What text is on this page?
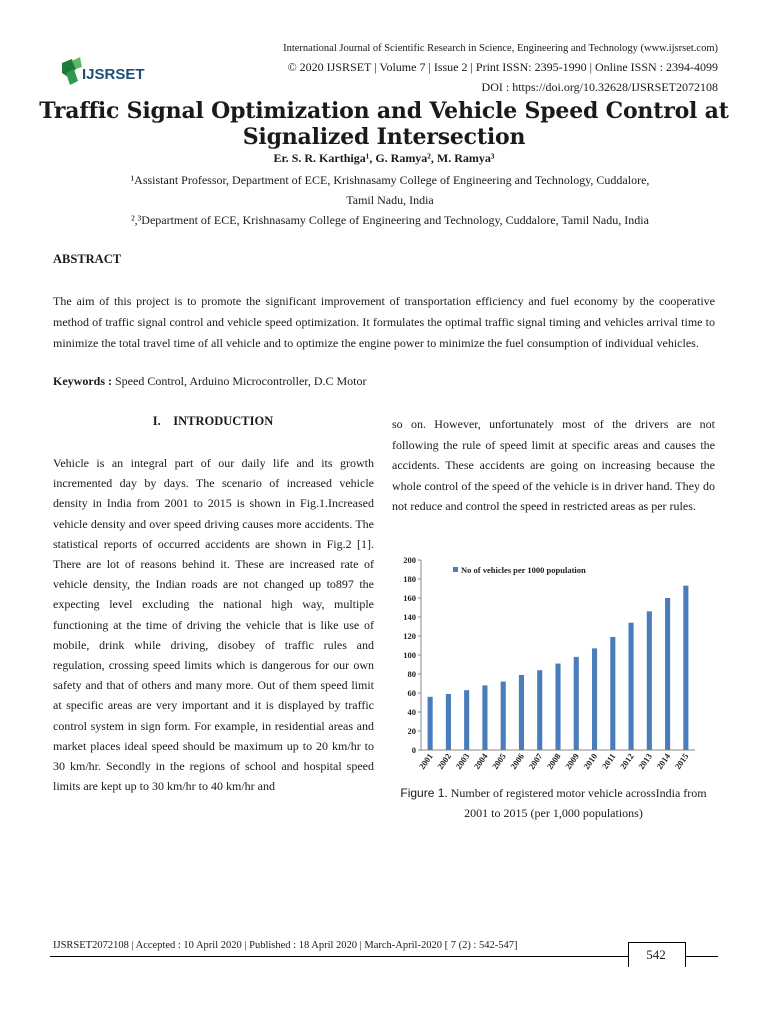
International Journal of Scientific Research in Science, Engineering and Technology (www.ijsrset.com)
© 2020 IJSRSET | Volume 7 | Issue 2 | Print ISSN: 2395-1990 | Online ISSN : 2394-4099
DOI : https://doi.org/10.32628/IJSRSET2072108
IJSRSET
Traffic Signal Optimization and Vehicle Speed Control at
Signalized Intersection
Er. S. R. Karthiga¹, G. Ramya², M. Ramya³
¹Assistant Professor, Department of ECE, Krishnasamy College of Engineering and Technology, Cuddalore,
Tamil Nadu, India
²,³Department of ECE, Krishnasamy College of Engineering and Technology, Cuddalore, Tamil Nadu, India
ABSTRACT
The aim of this project is to promote the significant improvement of transportation efficiency and fuel economy by the cooperative method of traffic signal control and vehicle speed optimization. It formulates the optimal traffic signal timing and vehicles arrival time to minimize the total travel time of all vehicle and to optimize the engine power to minimize the fuel consumption of individual vehicles.
Keywords : Speed Control, Arduino Microcontroller, D.C Motor
I.    INTRODUCTION
Vehicle is an integral part of our daily life and its growth incremented day by days. The scenario of increased vehicle density in India from 2001 to 2015 is shown in Fig.1.Increased vehicle density and over speed driving causes more accidents. The statistical reports of occurred accidents are shown in Fig.2 [1]. There are lot of reasons behind it. These are increased rate of vehicle density, the Indian roads are not changed up to897 the expecting level excluding the national high way, multiple functioning at the time of driving the vehicle that is like use of mobile, drink while driving, disobey of traffic rules and regulation, crossing speed limits which is dangerous for our own safety and that of others and many more. Out of them speed limit at specific areas are very important and it is displayed by traffic control system in sign form. For example, in residential areas and market places ideal speed should be maximum up to 20 km/hr to 30 km/hr. Secondly in the regions of school and hospital speed limits are kept up to 30 km/hr to 40 km/hr and
so on. However, unfortunately most of the drivers are not following the rule of speed limit at specific areas and causes the accidents. These accidents are going on increasing because the whole control of the speed of the vehicle is in driver hand. They do not reduce and control the speed in restricted areas as per rules.
0
20
40
60
80
100
120
140
160
180
200
2001 2002 2003 2004 2005 2006 2007 2008 2009 2010 2011 2012 2013 2014 2015
No of vehicles per 1000 population
Figure 1. Number of registered motor vehicle acrossIndia from 2001 to 2015 (per 1,000 populations)
IJSRSET2072108 | Accepted : 10 April 2020 | Published : 18 April 2020 | March-April-2020 [ 7 (2) : 542-547]
542
